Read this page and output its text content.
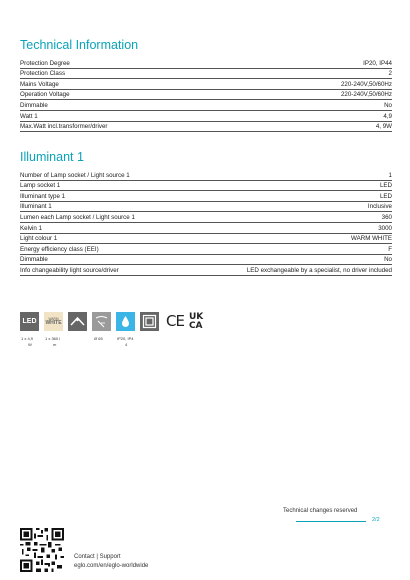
Technical Information
Protection Degree	IP20, IP44
Protection Class	2
Mains Voltage	220-240V,50/60Hz
Operation Voltage	220-240V,50/60Hz
Dimmable	No
Watt 1	4,9
Max.Watt incl.transformer/driver	4, 9W
Illuminant 1
Number of Lamp socket / Light source 1	1
Lamp socket 1	LED
Illuminant type 1	LED
Illuminant 1	Inclusive
Lumen each Lamp socket / Light source 1	360
Kelvin 1	3000
Light colour 1	WARM WHITE
Energy efficiency class (EEI)	F
Dimmable	No
Info changeability light source/driver	LED exchangeable by a specialist, no driver included
LED	WARM
WHITE	CE UK
CA
1 x 4,9
W
1 x 360 l
m
Ø 65	IP20, IP4
4
Technical changes reserved
2/2
Contact | Support
eglo.com/en/eglo-worldwide
